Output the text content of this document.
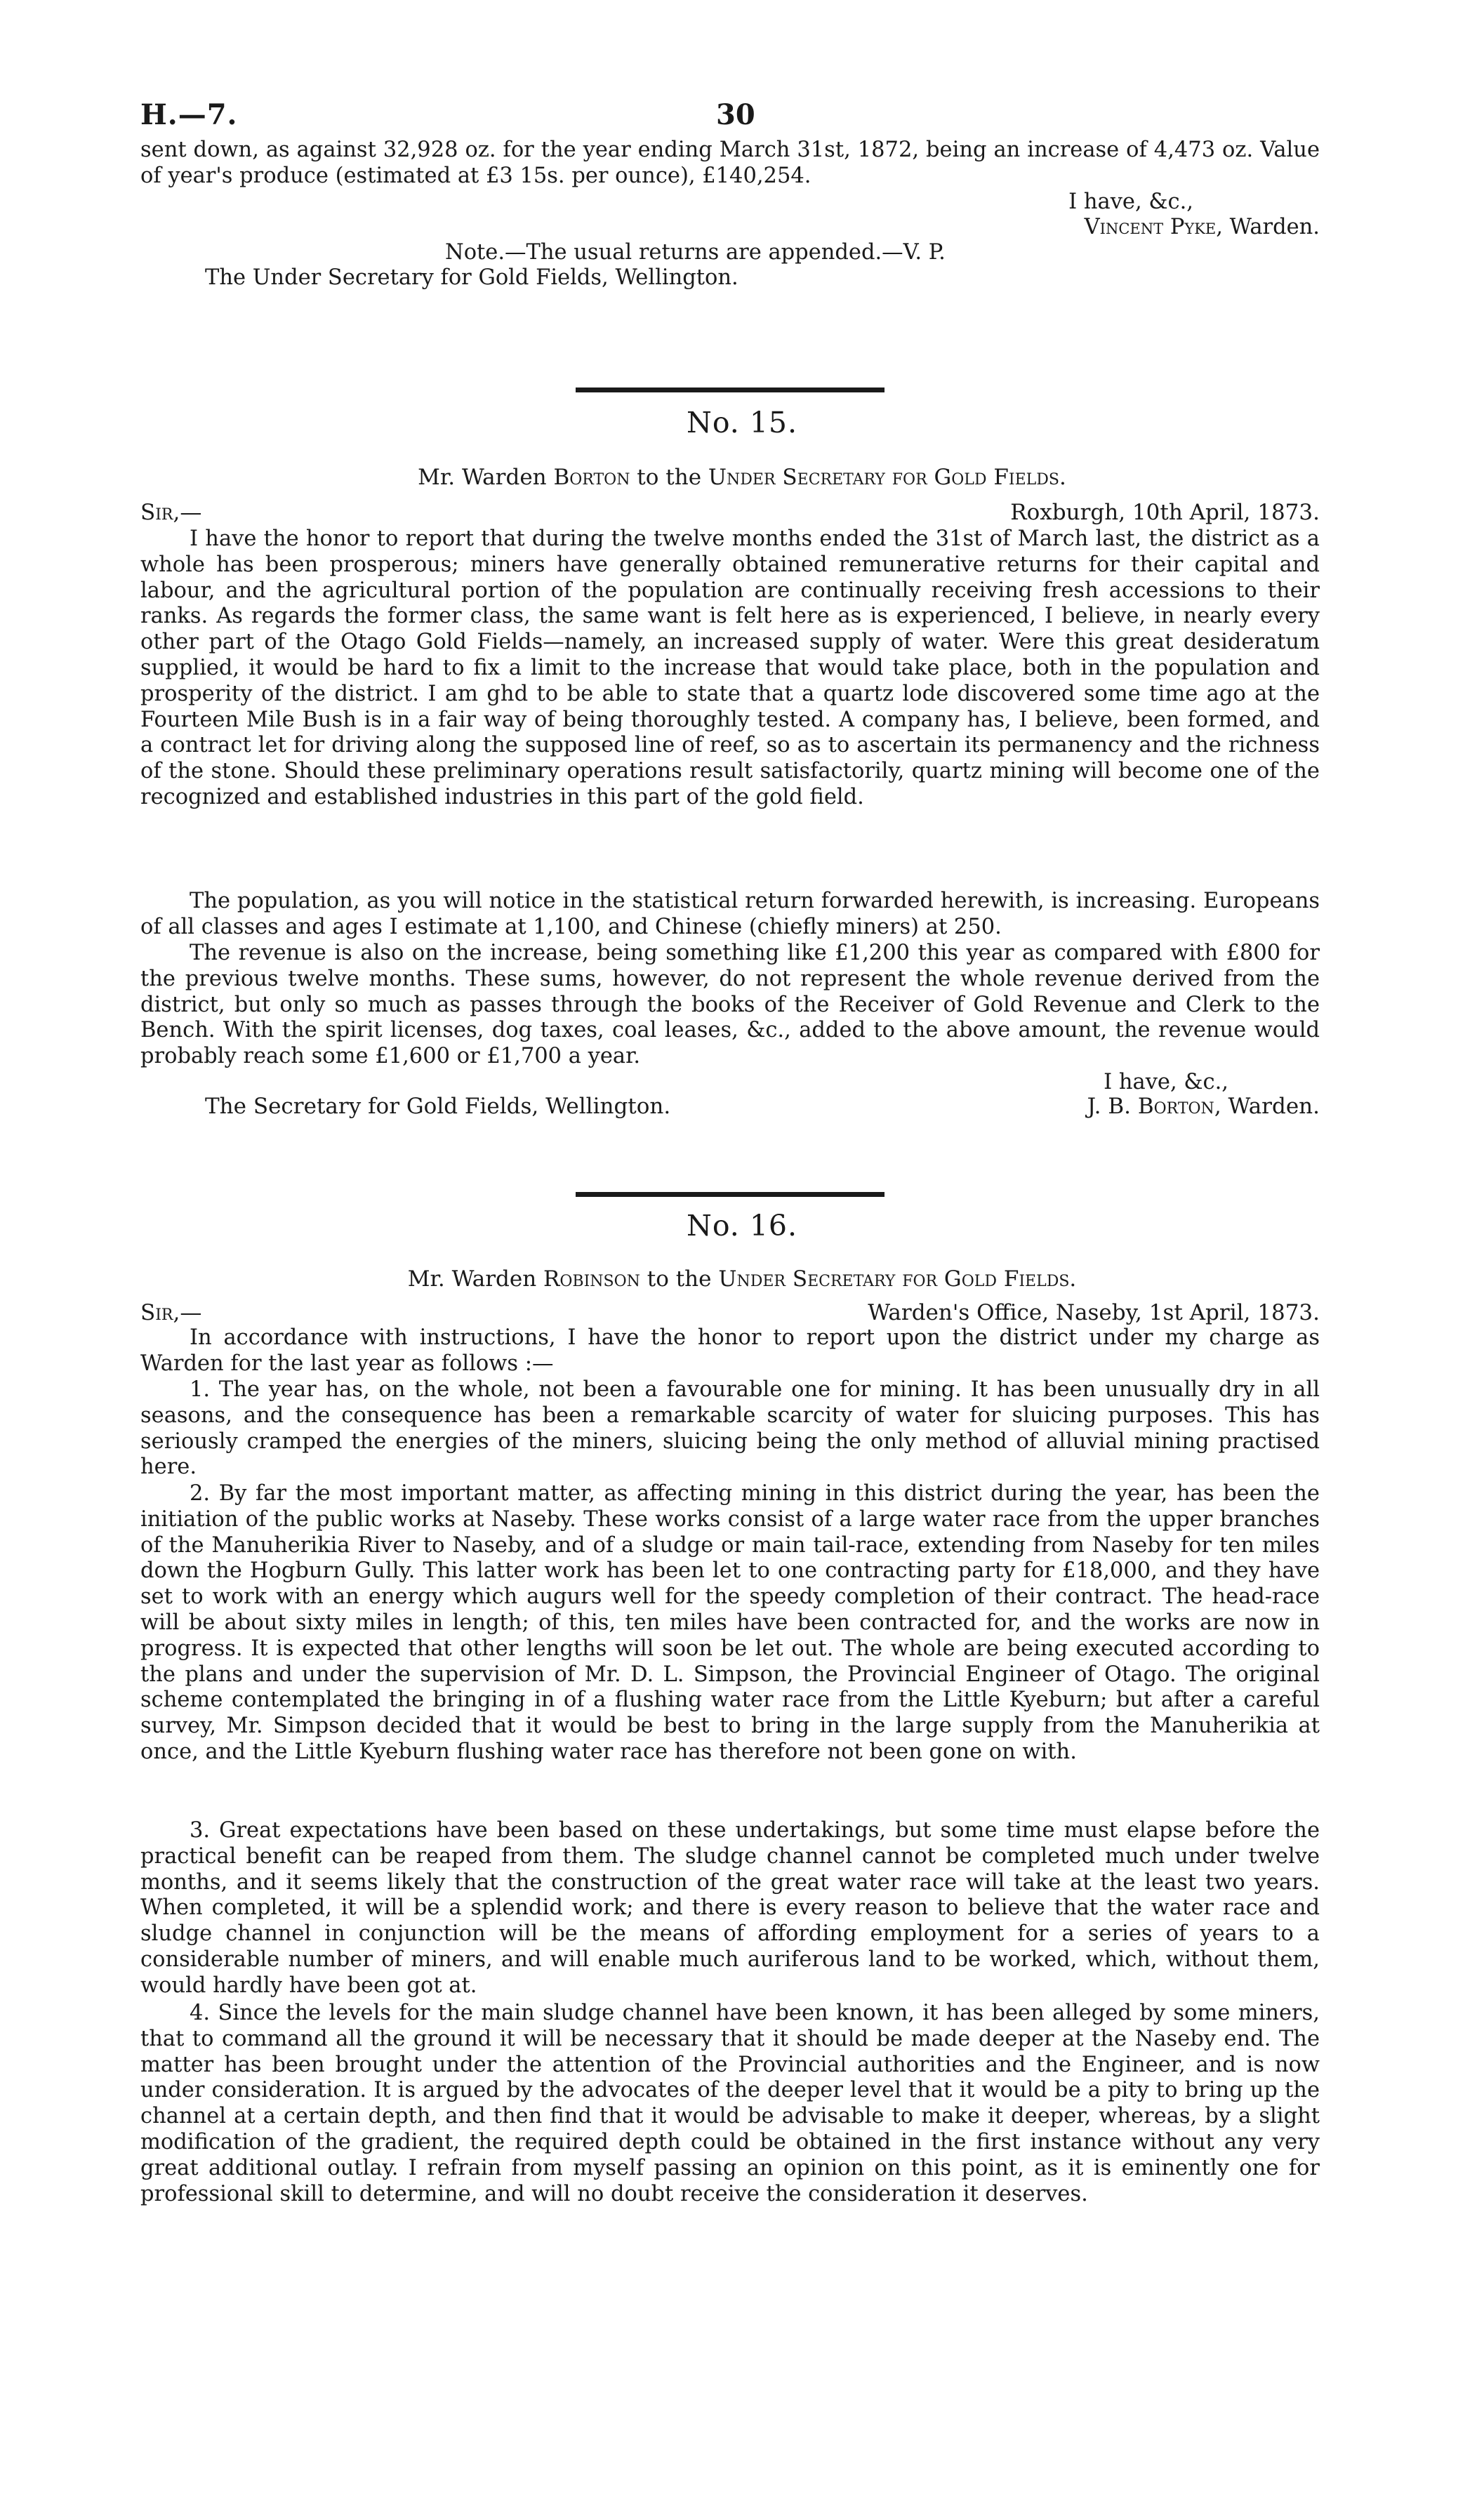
H.—7.	30
sent down, as against 32,928 oz. for the year ending March 31st, 1872, being an increase of 4,473 oz. Value of year's produce (estimated at £3 15s. per ounce), £140,254.
I have, &c.,
Vincent Pyke, Warden.
Note.—The usual returns are appended.—V. P.
The Under Secretary for Gold Fields, Wellington.
No. 15.
Mr. Warden Borton to the Under Secretary for Gold Fields.
Sir,—	Roxburgh, 10th April, 1873.
I have the honor to report that during the twelve months ended the 31st of March last, the district as a whole has been prosperous; miners have generally obtained remunerative returns for their capital and labour, and the agricultural portion of the population are continually receiving fresh accessions to their ranks. As regards the former class, the same want is felt here as is experienced, I believe, in nearly every other part of the Otago Gold Fields—namely, an increased supply of water. Were this great desideratum supplied, it would be hard to fix a limit to the increase that would take place, both in the population and prosperity of the district. I am ghd to be able to state that a quartz lode discovered some time ago at the Fourteen Mile Bush is in a fair way of being thoroughly tested. A company has, I believe, been formed, and a contract let for driving along the supposed line of reef, so as to ascertain its permanency and the richness of the stone. Should these preliminary operations result satisfactorily, quartz mining will become one of the recognized and established industries in this part of the gold field.
The population, as you will notice in the statistical return forwarded herewith, is increasing. Europeans of all classes and ages I estimate at 1,100, and Chinese (chiefly miners) at 250.
The revenue is also on the increase, being something like £1,200 this year as compared with £800 for the previous twelve months. These sums, however, do not represent the whole revenue derived from the district, but only so much as passes through the books of the Receiver of Gold Revenue and Clerk to the Bench. With the spirit licenses, dog taxes, coal leases, &c., added to the above amount, the revenue would probably reach some £1,600 or £1,700 a year.
I have, &c.,
The Secretary for Gold Fields, Wellington.	J. B. Borton, Warden.
No. 16.
Mr. Warden Robinson to the Under Secretary for Gold Fields.
Sir,—	Warden's Office, Naseby, 1st April, 1873.
In accordance with instructions, I have the honor to report upon the district under my charge as Warden for the last year as follows :—
1. The year has, on the whole, not been a favourable one for mining. It has been unusually dry in all seasons, and the consequence has been a remarkable scarcity of water for sluicing purposes. This has seriously cramped the energies of the miners, sluicing being the only method of alluvial mining practised here.
2. By far the most important matter, as affecting mining in this district during the year, has been the initiation of the public works at Naseby. These works consist of a large water race from the upper branches of the Manuherikia River to Naseby, and of a sludge or main tail-race, extending from Naseby for ten miles down the Hogburn Gully. This latter work has been let to one contracting party for £18,000, and they have set to work with an energy which augurs well for the speedy completion of their contract. The head-race will be about sixty miles in length; of this, ten miles have been contracted for, and the works are now in progress. It is expected that other lengths will soon be let out. The whole are being executed according to the plans and under the supervision of Mr. D. L. Simpson, the Provincial Engineer of Otago. The original scheme contemplated the bringing in of a flushing water race from the Little Kyeburn; but after a careful survey, Mr. Simpson decided that it would be best to bring in the large supply from the Manuherikia at once, and the Little Kyeburn flushing water race has therefore not been gone on with.
3. Great expectations have been based on these undertakings, but some time must elapse before the practical benefit can be reaped from them. The sludge channel cannot be completed much under twelve months, and it seems likely that the construction of the great water race will take at the least two years. When completed, it will be a splendid work; and there is every reason to believe that the water race and sludge channel in conjunction will be the means of affording employment for a series of years to a considerable number of miners, and will enable much auriferous land to be worked, which, without them, would hardly have been got at.
4. Since the levels for the main sludge channel have been known, it has been alleged by some miners, that to command all the ground it will be necessary that it should be made deeper at the Naseby end. The matter has been brought under the attention of the Provincial authorities and the Engineer, and is now under consideration. It is argued by the advocates of the deeper level that it would be a pity to bring up the channel at a certain depth, and then find that it would be advisable to make it deeper, whereas, by a slight modification of the gradient, the required depth could be obtained in the first instance without any very great additional outlay. I refrain from myself passing an opinion on this point, as it is eminently one for professional skill to determine, and will no doubt receive the consideration it deserves.
